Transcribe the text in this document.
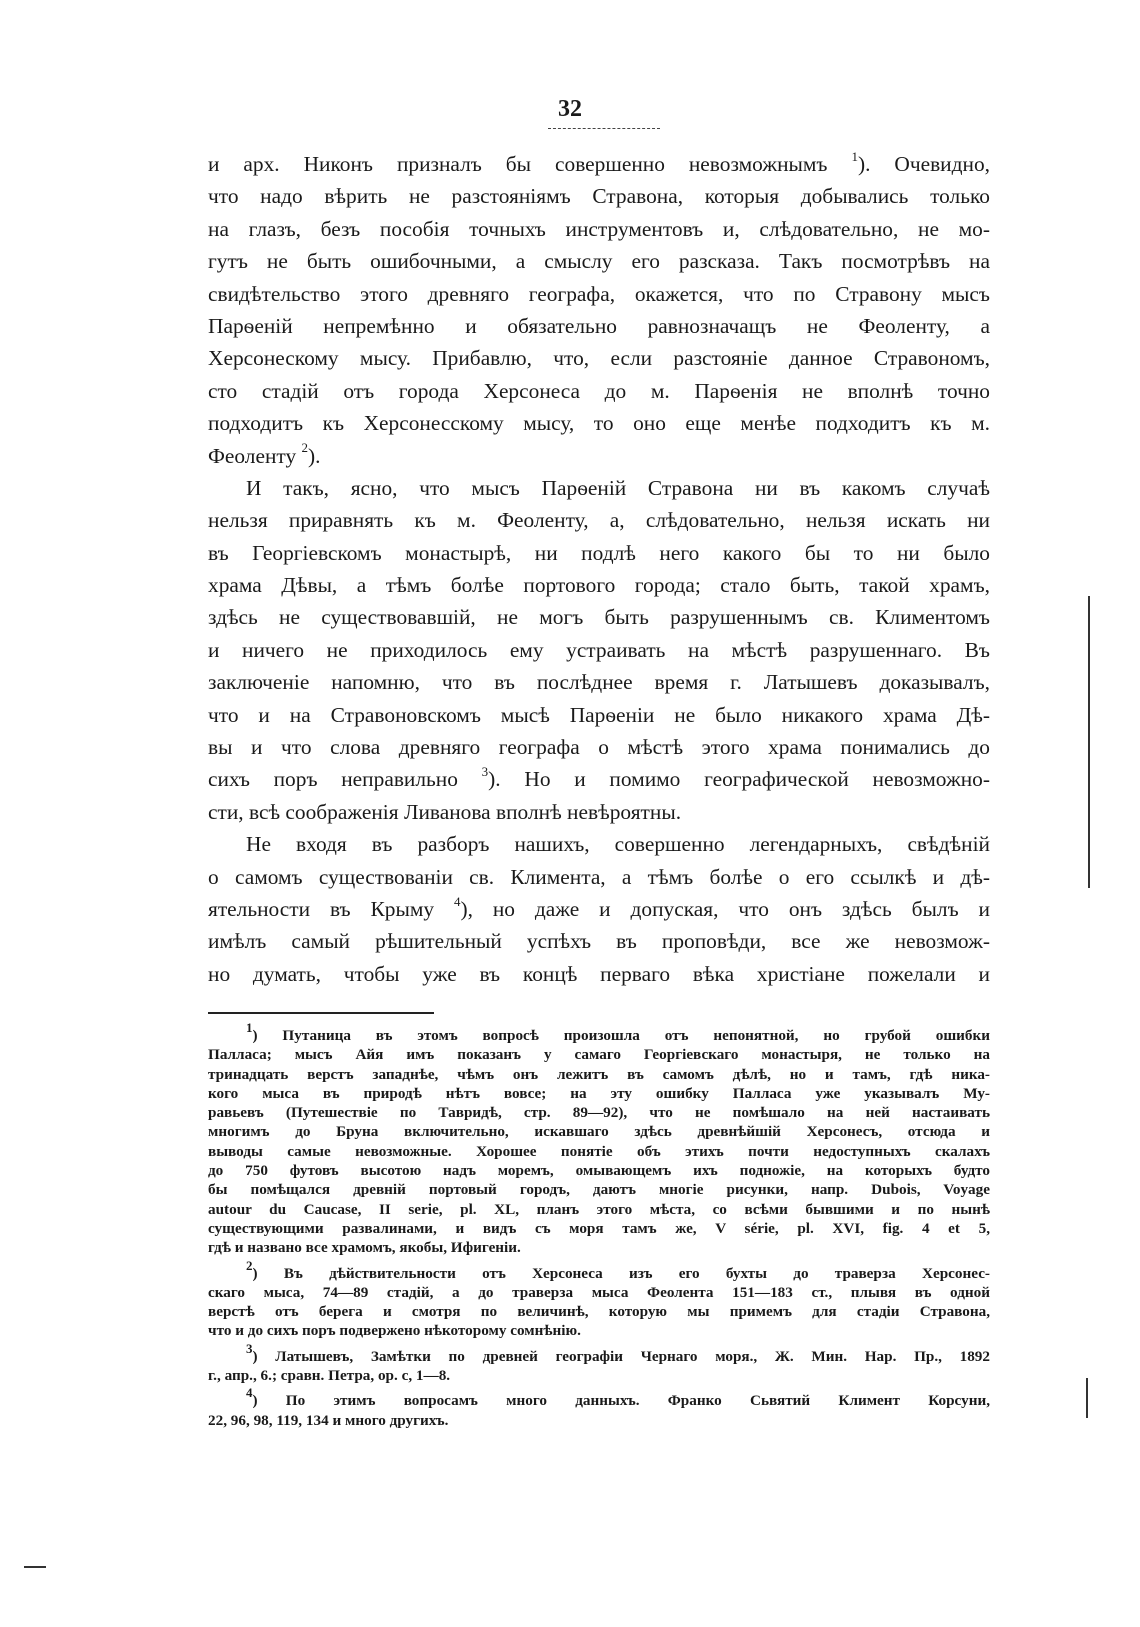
32
и арх. Никонъ призналъ бы совершенно невозможнымъ $^1$). Очевидно,
что надо вѣрить не разстояніямъ Стравона, которыя добывались только
на глазъ, безъ пособія точныхъ инструментовъ и, слѣдовательно, не мо-
гутъ не быть ошибочными, а смыслу его разсказа. Такъ посмотрѣвъ на
свидѣтельство этого древняго географа, окажется, что по Стравону мысъ
Парѳеній непремѣнно и обязательно равнозначащъ не Феоленту, а
Херсонескому мысу. Прибавлю, что, если разстояніе данное Стравономъ,
сто стадій отъ города Херсонеса до м. Парѳенія не вполнѣ точно
подходитъ къ Херсонесскому мысу, то оно еще менѣе подходитъ къ м.
Феоленту $^2$).
И такъ, ясно, что мысъ Парѳеній Стравона ни въ какомъ случаѣ
нельзя приравнять къ м. Феоленту, а, слѣдовательно, нельзя искать ни
въ Георгіевскомъ монастырѣ, ни подлѣ него какого бы то ни было
храма Дѣвы, а тѣмъ болѣе портового города; стало быть, такой храмъ,
здѣсь не существовавшій, не могъ быть разрушеннымъ св. Климентомъ
и ничего не приходилось ему устраивать на мѣстѣ разрушеннаго. Въ
заключеніе напомню, что въ послѣднее время г. Латышевъ доказывалъ,
что и на Стравоновскомъ мысѣ Парѳеніи не было никакого храма Дѣ-
вы и что слова древняго географа о мѣстѣ этого храма понимались до
сихъ поръ неправильно $^3$). Но и помимо географической невозможно-
сти, всѣ соображенія Ливанова вполнѣ невѣроятны.
Не входя въ разборъ нашихъ, совершенно легендарныхъ, свѣдѣній
о самомъ существованіи св. Климента, а тѣмъ болѣе о его ссылкѣ и дѣ-
ятельности въ Крыму $^4$), но даже и допуская, что онъ здѣсь былъ и
имѣлъ самый рѣшительный успѣхъ въ проповѣди, все же невозмож-
но думать, чтобы уже въ концѣ перваго вѣка христіане пожелали и
$^1$) Путаница въ этомъ вопросѣ произошла отъ непонятной, но грубой ошибки
Палласа; мысъ Айя имъ показанъ у самаго Георгіевскаго монастыря, не только на
тринадцать верстъ западнѣе, чѣмъ онъ лежитъ въ самомъ дѣлѣ, но и тамъ, гдѣ ника-
кого мыса въ природѣ нѣтъ вовсе; на эту ошибку Палласа уже указывалъ Му-
равьевъ (Путешествіе по Тавридѣ, стр. 89—92), что не помѣшало на ней настаивать
многимъ до Бруна включительно, искавшаго здѣсь древнѣйшій Херсонесъ, отсюда и
выводы самые невозможные. Хорошее понятіе объ этихъ почти недоступныхъ скалахъ
до 750 футовъ высотою надъ моремъ, омывающемъ ихъ подножіе, на которыхъ будто
бы помѣщался древній портовый городъ, даютъ многіе рисунки, напр. Dubois, Voyage
autour du Caucase, II serie, pl. XL, планъ этого мѣста, со всѣми бывшими и по нынѣ
существующими развалинами, и видъ съ моря тамъ же, V série, pl. XVI, fig. 4 et 5,
гдѣ и названо все храмомъ, якобы, Ифигеніи.
$^2$) Въ дѣйствительности отъ Херсонеса изъ его бухты до траверза Херсонес-
скаго мыса, 74—89 стадій, а до траверза мыса Феолента 151—183 ст., плывя въ одной
верстѣ отъ берега и смотря по величинѣ, которую мы примемъ для стадіи Стравона,
что и до сихъ поръ подвержено нѣкоторому сомнѣнію.
$^3$) Латышевъ, Замѣтки по древней географіи Чернаго моря., Ж. Мин. Нар. Пр., 1892
г., апр., 6.; сравн. Петра, ор. с, 1—8.
$^4$) По этимъ вопросамъ много данныхъ. Франко Сьвятий Климент Корсуни,
22, 96, 98, 119, 134 и много другихъ.
